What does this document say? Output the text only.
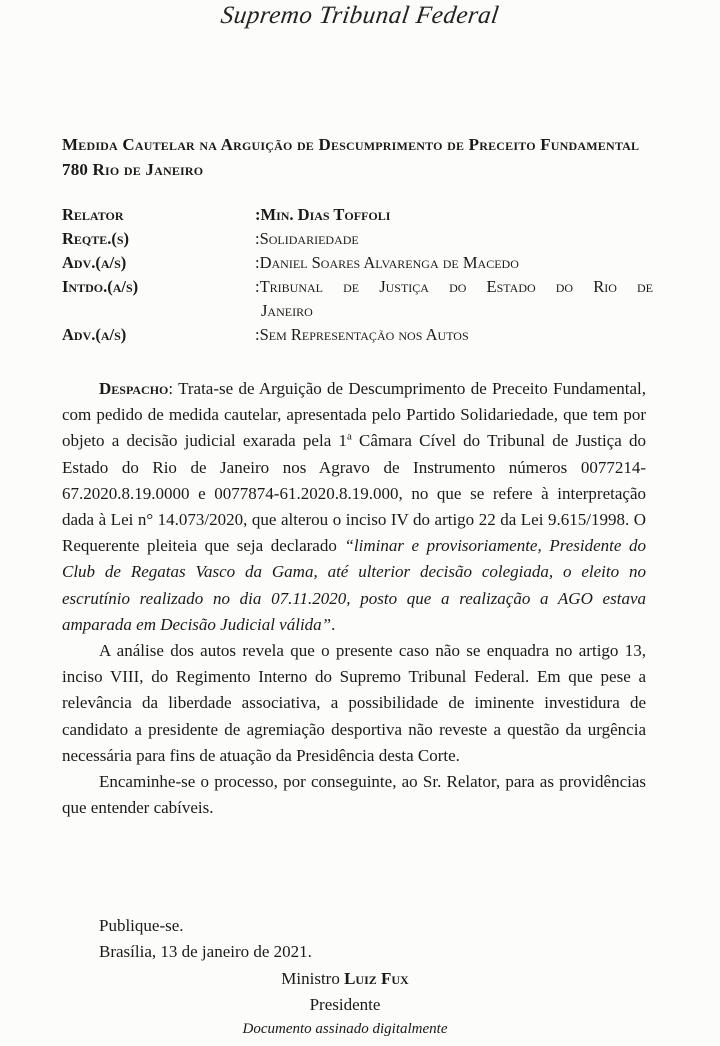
Supremo Tribunal Federal
Medida Cautelar na Arguição de Descumprimento de Preceito Fundamental 780 Rio de Janeiro
Relator	:Min. Dias Toffoli
Reqte.(s)	:Solidariedade
Adv.(a/s)	:Daniel Soares Alvarenga de Macedo
Intdo.(a/s)	:Tribunal de Justiça do Estado do Rio de
Janeiro
Adv.(a/s)	:Sem Representação nos Autos

Despacho: Trata-se de Arguição de Descumprimento de Preceito Fundamental, com pedido de medida cautelar, apresentada pelo Partido Solidariedade, que tem por objeto a decisão judicial exarada pela 1$^a$ Câmara Cível do Tribunal de Justiça do Estado do Rio de Janeiro nos Agravo de Instrumento números 0077214-67.2020.8.19.0000 e 0077874-61.2020.8.19.000, no que se refere à interpretação dada à Lei n° 14.073/2020, que alterou o inciso IV do artigo 22 da Lei 9.615/1998. O Requerente pleiteia que seja declarado “liminar e provisoriamente, Presidente do Club de Regatas Vasco da Gama, até ulterior decisão colegiada, o eleito no escrutínio realizado no dia 07.11.2020, posto que a realização a AGO estava amparada em Decisão Judicial válida”.

A análise dos autos revela que o presente caso não se enquadra no artigo 13, inciso VIII, do Regimento Interno do Supremo Tribunal Federal. Em que pese a relevância da liberdade associativa, a possibilidade de iminente investidura de candidato a presidente de agremiação desportiva não reveste a questão da urgência necessária para fins de atuação da Presidência desta Corte.

Encaminhe-se o processo, por conseguinte, ao Sr. Relator, para as providências que entender cabíveis.

Publique-se.
Brasília, 13 de janeiro de 2021.
Ministro Luiz Fux
Presidente
Documento assinado digitalmente
